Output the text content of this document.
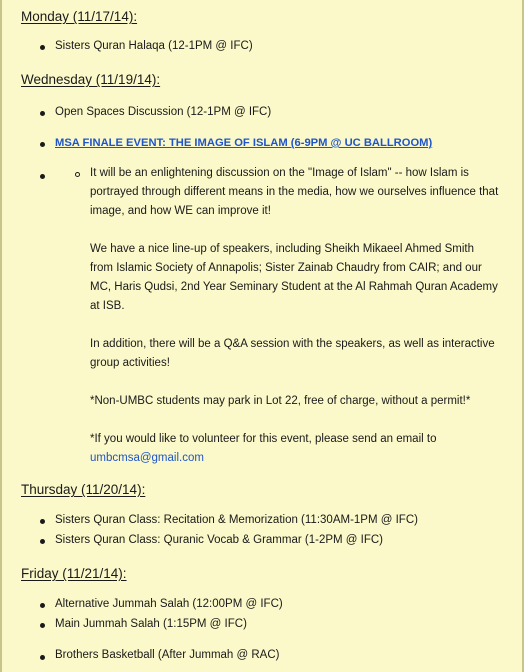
Monday (11/17/14):
Sisters Quran Halaqa (12-1PM @ IFC)
Wednesday (11/19/14):
Open Spaces Discussion (12-1PM @ IFC)
MSA FINALE EVENT: THE IMAGE OF ISLAM (6-9PM @ UC BALLROOM)
It will be an enlightening discussion on the "Image of Islam" -- how Islam is portrayed through different means in the media, how we ourselves influence that image, and how WE can improve it!
We have a nice line-up of speakers, including Sheikh Mikaeel Ahmed Smith from Islamic Society of Annapolis; Sister Zainab Chaudry from CAIR; and our MC, Haris Qudsi, 2nd Year Seminary Student at the Al Rahmah Quran Academy at ISB.
In addition, there will be a Q&A session with the speakers, as well as interactive group activities!
*Non-UMBC students may park in Lot 22, free of charge, without a permit!*
*If you would like to volunteer for this event, please send an email to
umbcmsa@gmail.com
Thursday (11/20/14):
Sisters Quran Class: Recitation & Memorization (11:30AM-1PM @ IFC)
Sisters Quran Class: Quranic Vocab & Grammar (1-2PM @ IFC)
Friday (11/21/14):
Alternative Jummah Salah (12:00PM @ IFC)
Main Jummah Salah (1:15PM @ IFC)
Brothers Basketball (After Jummah @ RAC)
